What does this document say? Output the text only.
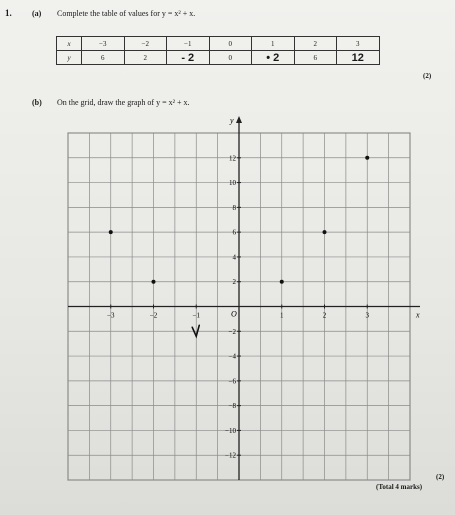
1.	(a) Complete the table of values for y = x² + x.
x	−3	−2	−1	0	1	2	3
y	6	2	- 2	0	• 2	6	12
(2)
(b) On the grid, draw the graph of y = x² + x.
y
x
O
−3	−2	−1	1	2	3
12
10
8
6
4
2
−2
−4
−6
−8
−10
−12
(2)
(Total 4 marks)
